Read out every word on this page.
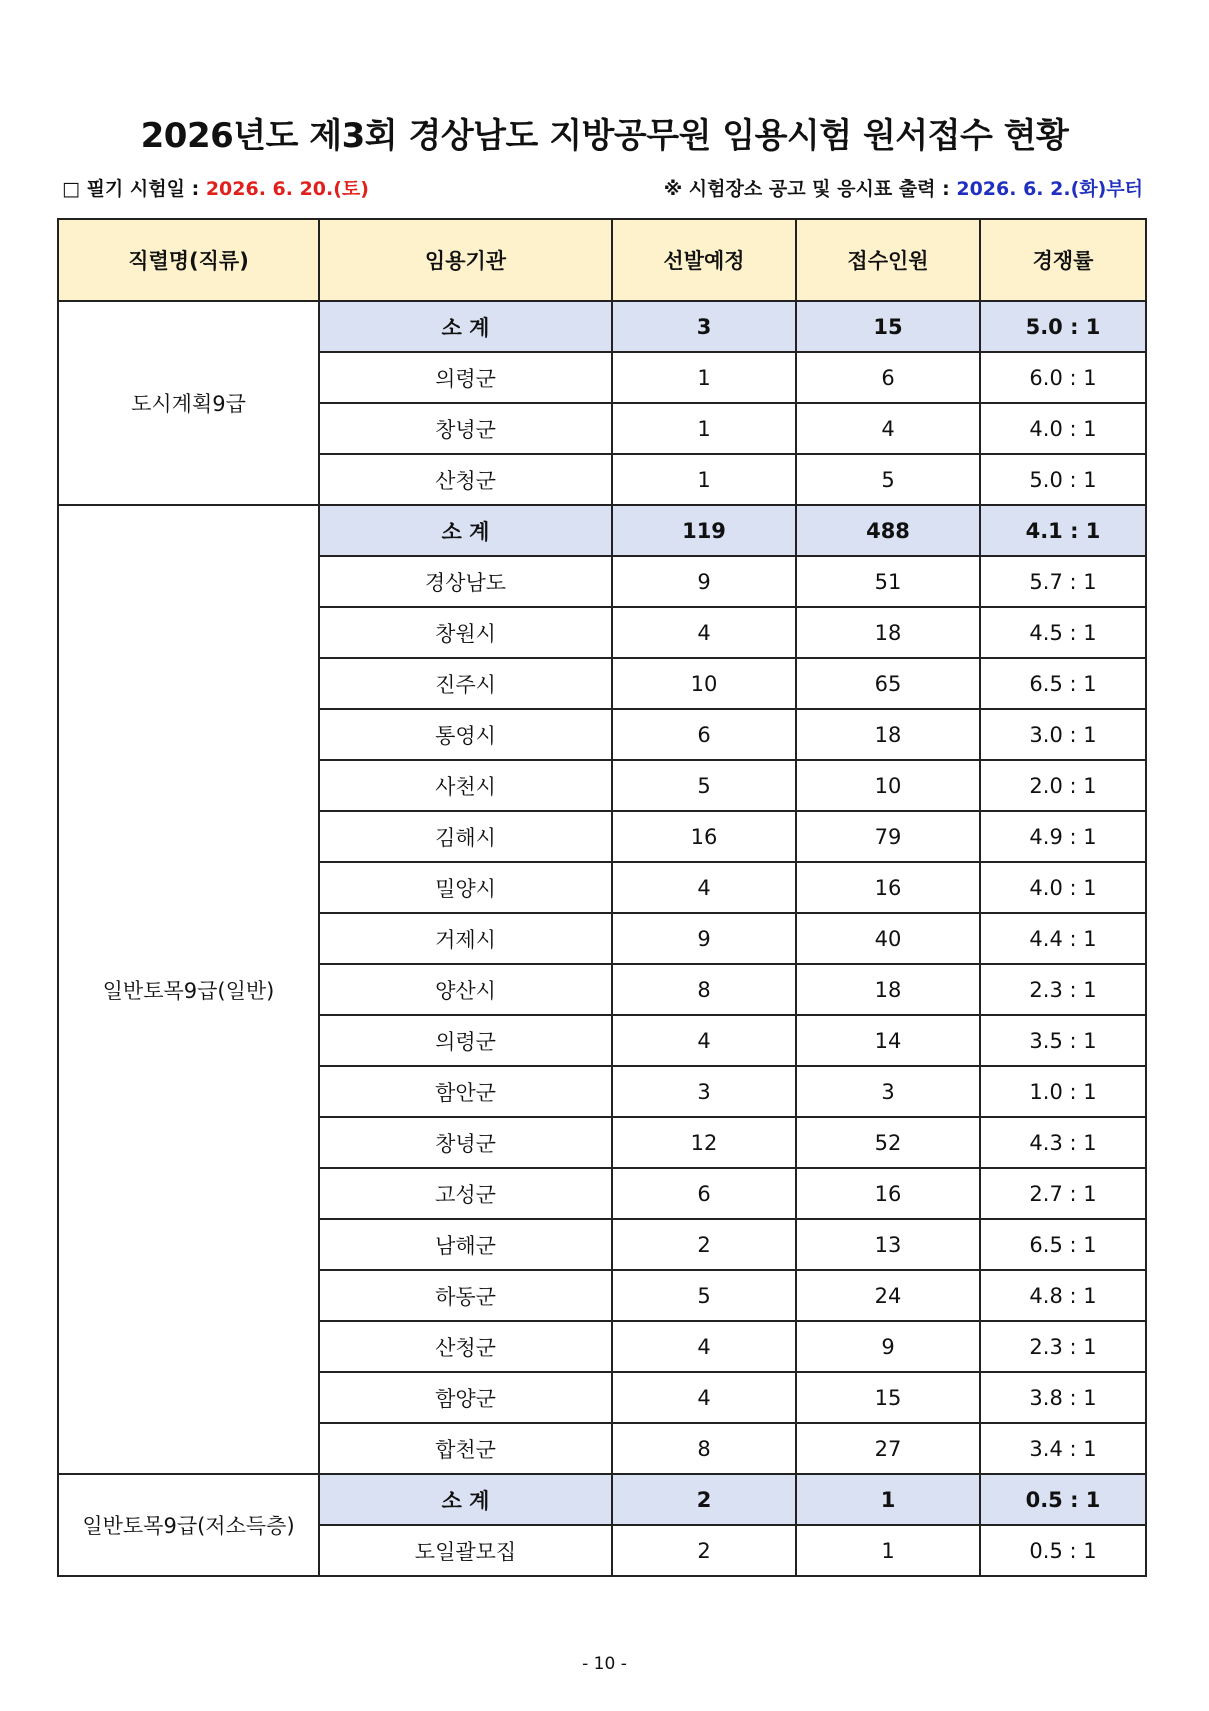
2026년도 제3회 경상남도 지방공무원 임용시험 원서접수 현황
□ 필기 시험일 : 2026. 6. 20.(토)	※ 시험장소 공고 및 응시표 출력 : 2026. 6. 2.(화)부터
직렬명(직류)	임용기관	선발예정	접수인원	경쟁률
도시계획9급	소 계	3	15	5.0 : 1
	의령군	1	6	6.0 : 1
	창녕군	1	4	4.0 : 1
	산청군	1	5	5.0 : 1
일반토목9급(일반)	소 계	119	488	4.1 : 1
	경상남도	9	51	5.7 : 1
	창원시	4	18	4.5 : 1
	진주시	10	65	6.5 : 1
	통영시	6	18	3.0 : 1
	사천시	5	10	2.0 : 1
	김해시	16	79	4.9 : 1
	밀양시	4	16	4.0 : 1
	거제시	9	40	4.4 : 1
	양산시	8	18	2.3 : 1
	의령군	4	14	3.5 : 1
	함안군	3	3	1.0 : 1
	창녕군	12	52	4.3 : 1
	고성군	6	16	2.7 : 1
	남해군	2	13	6.5 : 1
	하동군	5	24	4.8 : 1
	산청군	4	9	2.3 : 1
	함양군	4	15	3.8 : 1
	합천군	8	27	3.4 : 1
일반토목9급(저소득층)	소 계	2	1	0.5 : 1
	도일괄모집	2	1	0.5 : 1
- 10 -
